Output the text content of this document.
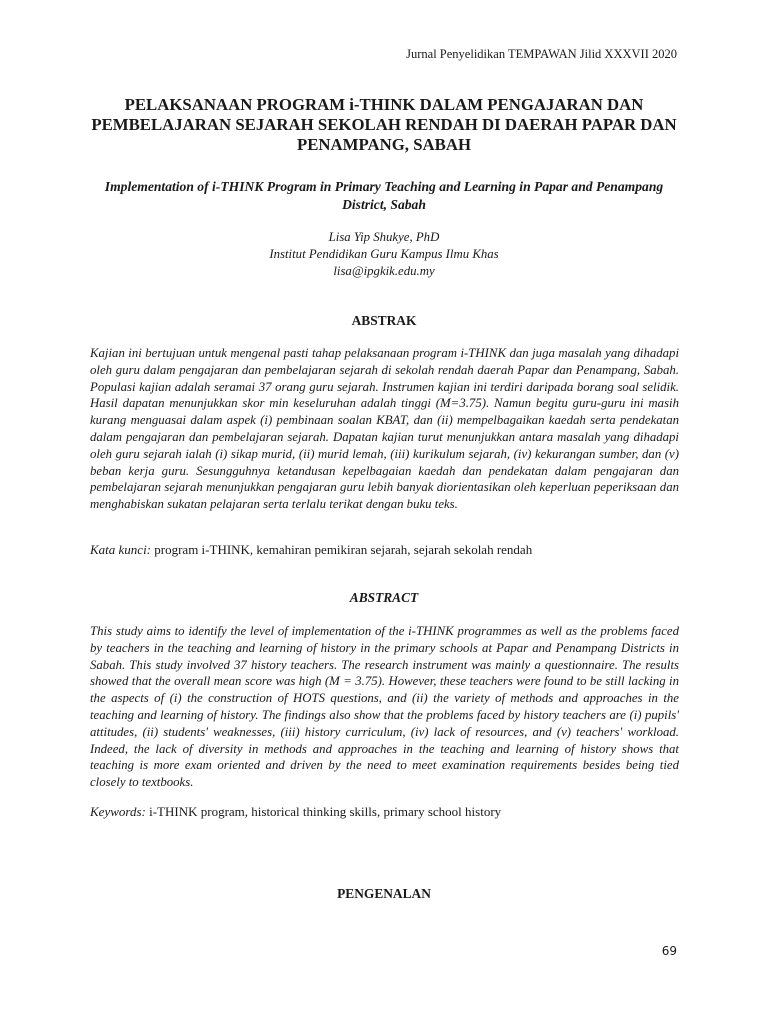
Jurnal Penyelidikan TEMPAWAN Jilid XXXVII 2020
PELAKSANAAN PROGRAM i-THINK DALAM PENGAJARAN DAN PEMBELAJARAN SEJARAH SEKOLAH RENDAH DI DAERAH PAPAR DAN PENAMPANG, SABAH
Implementation of i-THINK Program in Primary Teaching and Learning in Papar and Penampang District, Sabah
Lisa Yip Shukye, PhD
Institut Pendidikan Guru Kampus Ilmu Khas
lisa@ipgkik.edu.my
ABSTRAK

Kajian ini bertujuan untuk mengenal pasti tahap pelaksanaan program i-THINK dan juga masalah yang dihadapi oleh guru dalam pengajaran dan pembelajaran sejarah di sekolah rendah daerah Papar dan Penampang, Sabah. Populasi kajian adalah seramai 37 orang guru sejarah. Instrumen kajian ini terdiri daripada borang soal selidik. Hasil dapatan menunjukkan skor min keseluruhan adalah tinggi (M=3.75). Namun begitu guru-guru ini masih kurang menguasai dalam aspek (i) pembinaan soalan KBAT, dan (ii) mempelbagaikan kaedah serta pendekatan dalam pengajaran dan pembelajaran sejarah. Dapatan kajian turut menunjukkan antara masalah yang dihadapi oleh guru sejarah ialah (i) sikap murid, (ii) murid lemah, (iii) kurikulum sejarah, (iv) kekurangan sumber, dan (v) beban kerja guru. Sesungguhnya ketandusan kepelbagaian kaedah dan pendekatan dalam pengajaran dan pembelajaran sejarah menunjukkan pengajaran guru lebih banyak diorientasikan oleh keperluan peperiksaan dan menghabiskan sukatan pelajaran serta terlalu terikat dengan buku teks.

Kata kunci: program i-THINK, kemahiran pemikiran sejarah, sejarah sekolah rendah

ABSTRACT

This study aims to identify the level of implementation of the i-THINK programmes as well as the problems faced by teachers in the teaching and learning of history in the primary schools at Papar and Penampang Districts in Sabah. This study involved 37 history teachers. The research instrument was mainly a questionnaire. The results showed that the overall mean score was high (M = 3.75). However, these teachers were found to be still lacking in the aspects of (i) the construction of HOTS questions, and (ii) the variety of methods and approaches in the teaching and learning of history. The findings also show that the problems faced by history teachers are (i) pupils' attitudes, (ii) students' weaknesses, (iii) history curriculum, (iv) lack of resources, and (v) teachers' workload. Indeed, the lack of diversity in methods and approaches in the teaching and learning of history shows that teaching is more exam oriented and driven by the need to meet examination requirements besides being tied closely to textbooks.

Keywords: i-THINK program, historical thinking skills, primary school history

PENGENALAN
69
